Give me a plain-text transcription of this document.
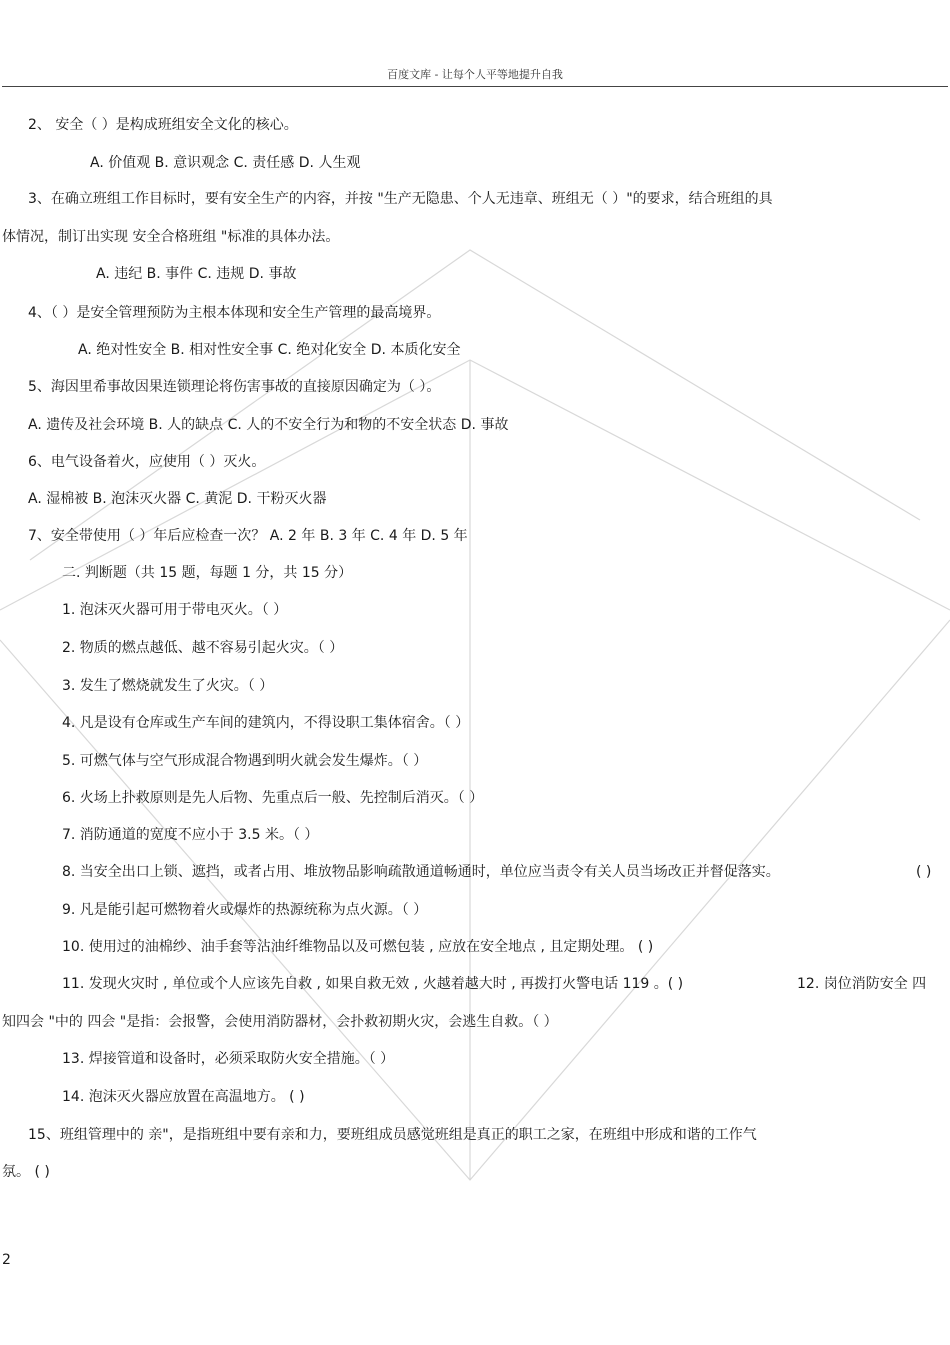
百度文库 - 让每个人平等地提升自我
2、 安全（ ）是构成班组安全文化的核心。
A. 价值观 B. 意识观念 C. 责任感 D. 人生观
3、在确立班组工作目标时，要有安全生产的内容，并按 "生产无隐患、个人无违章、班组无（ ）"的要求，结合班组的具
体情况，制订出实现 安全合格班组 "标准的具体办法。
A. 违纪 B. 事件 C. 违规 D. 事故
4、（ ）是安全管理预防为主根本体现和安全生产管理的最高境界。
A. 绝对性安全 B. 相对性安全事 C. 绝对化安全 D. 本质化安全
5、海因里希事故因果连锁理论将伤害事故的直接原因确定为（ ）。
A. 遗传及社会环境 B. 人的缺点 C. 人的不安全行为和物的不安全状态 D. 事故
6、电气设备着火，应使用（ ）灭火。
A. 湿棉被 B. 泡沫灭火器 C. 黄泥 D. 干粉灭火器
7、安全带使用（ ）年后应检查一次？ A. 2 年 B. 3 年 C. 4 年 D. 5 年
二. 判断题（共 15 题，每题 1 分，共 15 分）
1. 泡沫灭火器可用于带电灭火。（ ）
2. 物质的燃点越低、越不容易引起火灾。（ ）
3. 发生了燃烧就发生了火灾。（ ）
4. 凡是设有仓库或生产车间的建筑内，不得设职工集体宿舍。（ ）
5. 可燃气体与空气形成混合物遇到明火就会发生爆炸。（ ）
6. 火场上扑救原则是先人后物、先重点后一般、先控制后消灭。（ ）
7. 消防通道的宽度不应小于 3.5 米。（ ）
8. 当安全出口上锁、遮挡，或者占用、堆放物品影响疏散通道畅通时，单位应当责令有关人员当场改正并督促落实。	( )
9. 凡是能引起可燃物着火或爆炸的热源统称为点火源。（ ）
10. 使用过的油棉纱、油手套等沾油纤维物品以及可燃包装 , 应放在安全地点 , 且定期处理。 ( )
11. 发现火灾时 , 单位或个人应该先自救 , 如果自救无效 , 火越着越大时 , 再拨打火警电话 119 。( )	12. 岗位消防安全 四
知四会 "中的 四会 "是指：会报警，会使用消防器材，会扑救初期火灾，会逃生自救。（ ）
13. 焊接管道和设备时，必须采取防火安全措施。（ ）
14. 泡沫灭火器应放置在高温地方。 ( )
15、班组管理中的 亲"，是指班组中要有亲和力，要班组成员感觉班组是真正的职工之家，在班组中形成和谐的工作气
氛。 ( )
2
